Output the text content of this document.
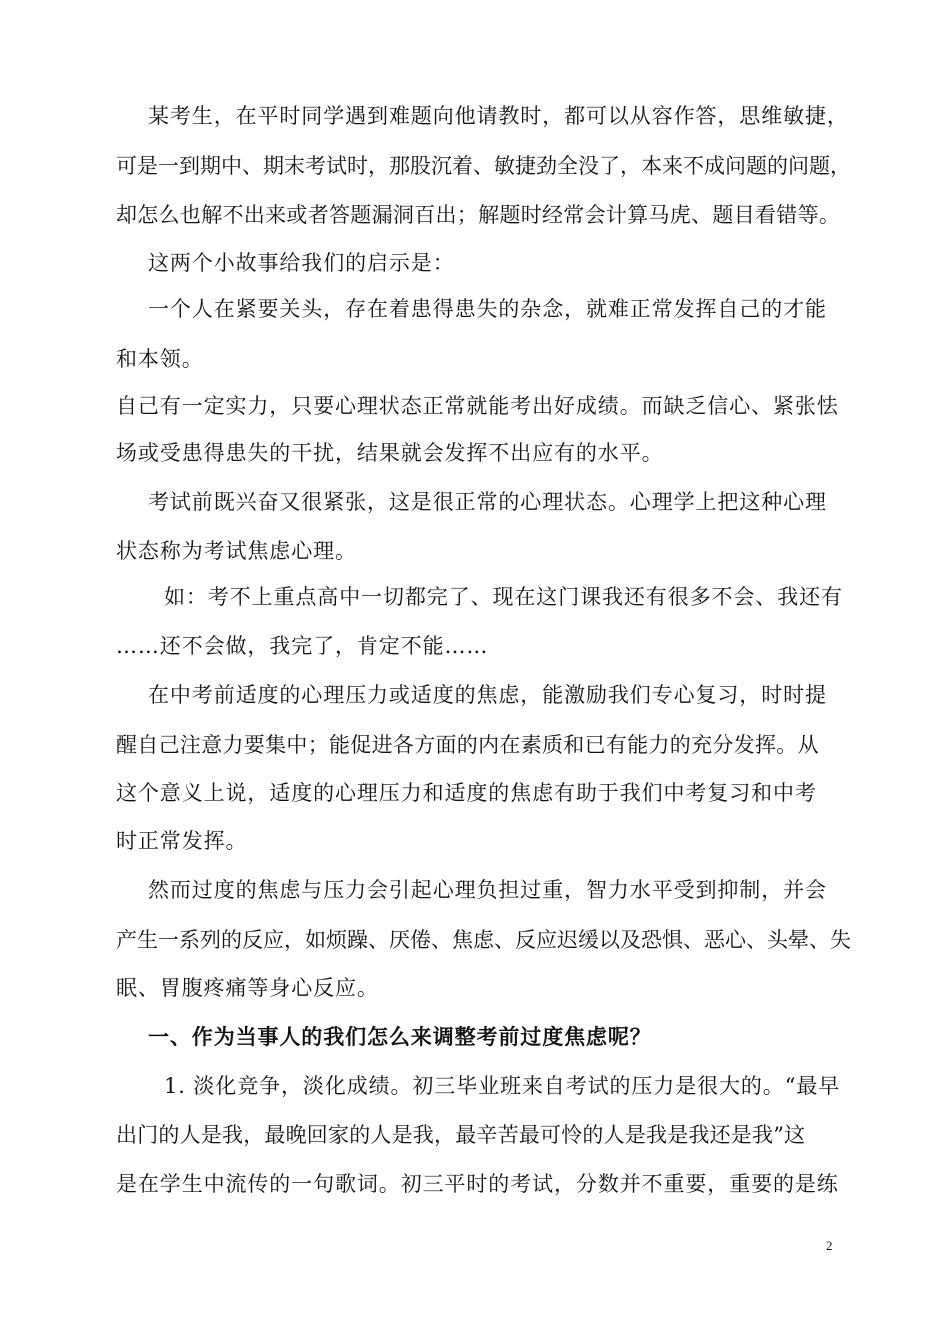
某考生，在平时同学遇到难题向他请教时，都可以从容作答，思维敏捷，
可是一到期中、期末考试时，那股沉着、敏捷劲全没了，本来不成问题的问题，
却怎么也解不出来或者答题漏洞百出；解题时经常会计算马虎、题目看错等。
这两个小故事给我们的启示是：
一个人在紧要关头，存在着患得患失的杂念，就难正常发挥自己的才能
和本领。
自己有一定实力，只要心理状态正常就能考出好成绩。而缺乏信心、紧张怯
场或受患得患失的干扰，结果就会发挥不出应有的水平。
考试前既兴奋又很紧张，这是很正常的心理状态。心理学上把这种心理
状态称为考试焦虑心理。
如：考不上重点高中一切都完了、现在这门课我还有很多不会、我还有
……还不会做，我完了，肯定不能……
在中考前适度的心理压力或适度的焦虑，能激励我们专心复习，时时提
醒自己注意力要集中；能促进各方面的内在素质和已有能力的充分发挥。从
这个意义上说，适度的心理压力和适度的焦虑有助于我们中考复习和中考
时正常发挥。
然而过度的焦虑与压力会引起心理负担过重，智力水平受到抑制，并会
产生一系列的反应，如烦躁、厌倦、焦虑、反应迟缓以及恐惧、恶心、头晕、失
眠、胃腹疼痛等身心反应。
一、作为当事人的我们怎么来调整考前过度焦虑呢？
1. 淡化竞争，淡化成绩。初三毕业班来自考试的压力是很大的。“最早
出门的人是我，最晚回家的人是我，最辛苦最可怜的人是我是我还是我”这
是在学生中流传的一句歌词。初三平时的考试，分数并不重要，重要的是练
2
